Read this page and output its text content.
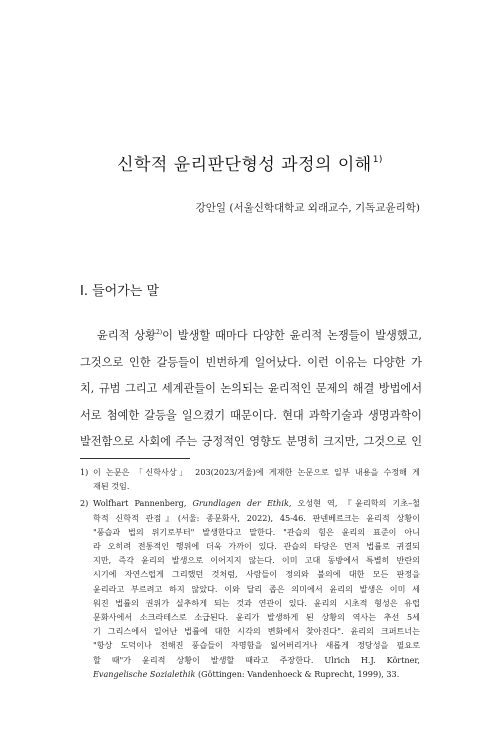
신학적 윤리판단형성 과정의 이해$^{1)}$
강안일 (서울신학대학교 외래교수, 기독교윤리학)
I. 들어가는 말
윤리적 상황$^{2)}$이 발생할 때마다 다양한 윤리적 논쟁들이 발생했고,
그것으로 인한 갈등들이 빈번하게 일어났다. 이런 이유는 다양한 가
치, 규범 그리고 세계관들이 논의되는 윤리적인 문제의 해결 방법에서
서로 첨예한 갈등을 일으켰기 때문이다. 현대 과학기술과 생명과학이
발전함으로 사회에 주는 긍정적인 영향도 분명히 크지만, 그것으로 인
1) 이 논문은 「신학사상」 203(2023/겨울)에 게재한 논문으로 일부 내용을 수정해 게
재된 것임.
2) Wolfhart Pannenberg, Grundlagen der Ethik, 오성현 역, 『윤리학의 기초–철
학적 신학적 관점』(서울: 종문화사, 2022), 45-46. 판넨베르크는 윤리적 상황이
"풍습과 법의 위기로부터" 발생한다고 말한다. "관습의 힘은 윤리의 표준이 아니
라 오히려 전통적인 행위에 더욱 가까이 있다. 관습의 타당은 먼저 법률로 귀결되
지만, 즉각 윤리의 발생으로 이어지지 않는다. 이미 고대 동방에서 특별히 반란의
시기에 자연스럽게 그리했던 것처럼, 사람들이 정의와 불의에 대한 모든 판정을
윤리라고 부르려고 하지 않았다. 이와 달리 좁은 의미에서 윤리의 발생은 이미 세
워진 법률의 권위가 실추하게 되는 것과 연관이 있다. 윤리의 시초적 형성은 유럽
문화사에서 소크라테스로 소급된다. 윤리가 발생하게 된 상황의 역사는 추선 5세
기 그리스에서 일어난 법률에 대한 시각의 변화에서 찾아진다". 윤리의 크퍼트너는
"항상 도덕이나 전해진 풍습들이 자명함을 잃어버리거나 새롭게 정당성을 필요로
할 때"가 윤리적 상황이 발생할 때라고 주장한다. Ulrich H.J. Körtner,
Evangelische Sozialethik (Göttingen: Vandenhoeck & Ruprecht, 1999), 33.
